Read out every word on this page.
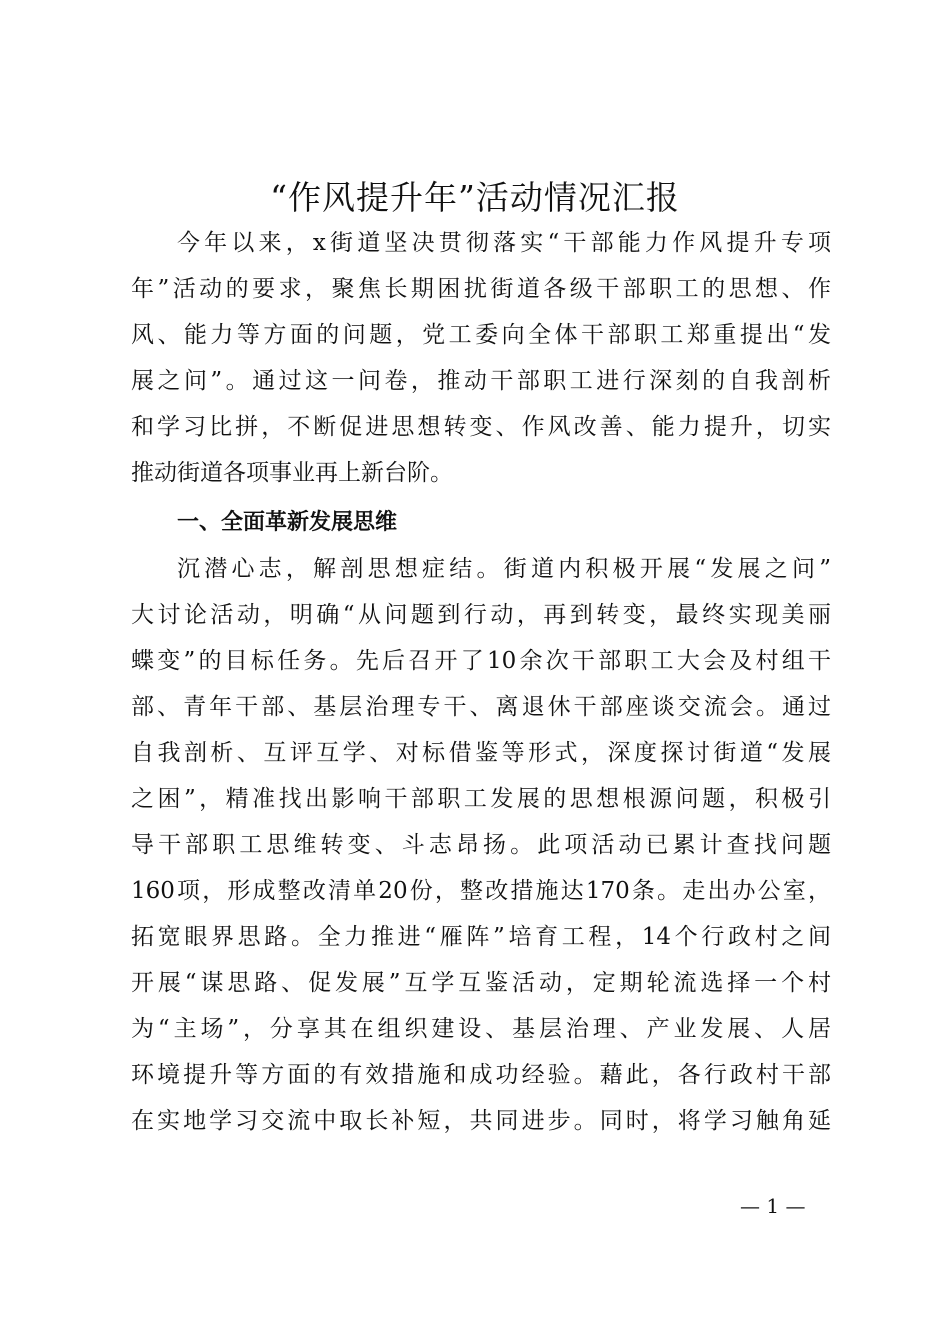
“作风提升年”活动情况汇报
今年以来，x街道坚决贯彻落实“干部能力作风提升专项
年”活动的要求，聚焦长期困扰街道各级干部职工的思想、作
风、能力等方面的问题，党工委向全体干部职工郑重提出“发
展之问”。通过这一问卷，推动干部职工进行深刻的自我剖析
和学习比拼，不断促进思想转变、作风改善、能力提升，切实
推动街道各项事业再上新台阶。
一、全面革新发展思维
沉潜心志，解剖思想症结。街道内积极开展“发展之问”
大讨论活动，明确“从问题到行动，再到转变，最终实现美丽
蝶变”的目标任务。先后召开了10余次干部职工大会及村组干
部、青年干部、基层治理专干、离退休干部座谈交流会。通过
自我剖析、互评互学、对标借鉴等形式，深度探讨街道“发展
之困”，精准找出影响干部职工发展的思想根源问题，积极引
导干部职工思维转变、斗志昂扬。此项活动已累计查找问题
160项，形成整改清单20份，整改措施达170条。走出办公室，
拓宽眼界思路。全力推进“雁阵”培育工程，14个行政村之间
开展“谋思路、促发展”互学互鉴活动，定期轮流选择一个村
为“主场”，分享其在组织建设、基层治理、产业发展、人居
环境提升等方面的有效措施和成功经验。藉此，各行政村干部
在实地学习交流中取长补短，共同进步。同时，将学习触角延
— 1 —
